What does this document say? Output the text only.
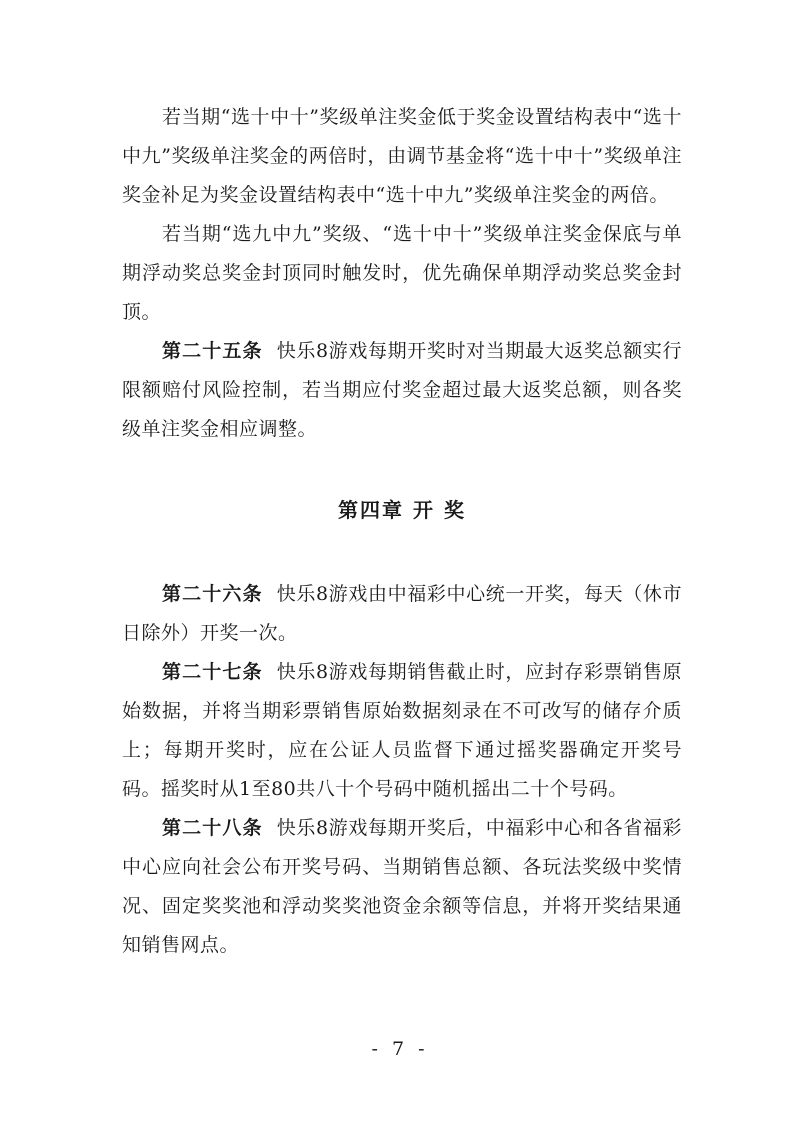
若当期“选十中十”奖级单注奖金低于奖金设置结构表中“选十中九”奖级单注奖金的两倍时，由调节基金将“选十中十”奖级单注奖金补足为奖金设置结构表中“选十中九”奖级单注奖金的两倍。

若当期“选九中九”奖级、“选十中十”奖级单注奖金保底与单期浮动奖总奖金封顶同时触发时，优先确保单期浮动奖总奖金封顶。

第二十五条 快乐8游戏每期开奖时对当期最大返奖总额实行限额赔付风险控制，若当期应付奖金超过最大返奖总额，则各奖级单注奖金相应调整。

第四章 开 奖

第二十六条 快乐8游戏由中福彩中心统一开奖，每天（休市日除外）开奖一次。

第二十七条 快乐8游戏每期销售截止时，应封存彩票销售原始数据，并将当期彩票销售原始数据刻录在不可改写的储存介质上；每期开奖时，应在公证人员监督下通过摇奖器确定开奖号码。摇奖时从1至80共八十个号码中随机摇出二十个号码。

第二十八条 快乐8游戏每期开奖后，中福彩中心和各省福彩中心应向社会公布开奖号码、当期销售总额、各玩法奖级中奖情况、固定奖奖池和浮动奖奖池资金余额等信息，并将开奖结果通知销售网点。

- 7 -
